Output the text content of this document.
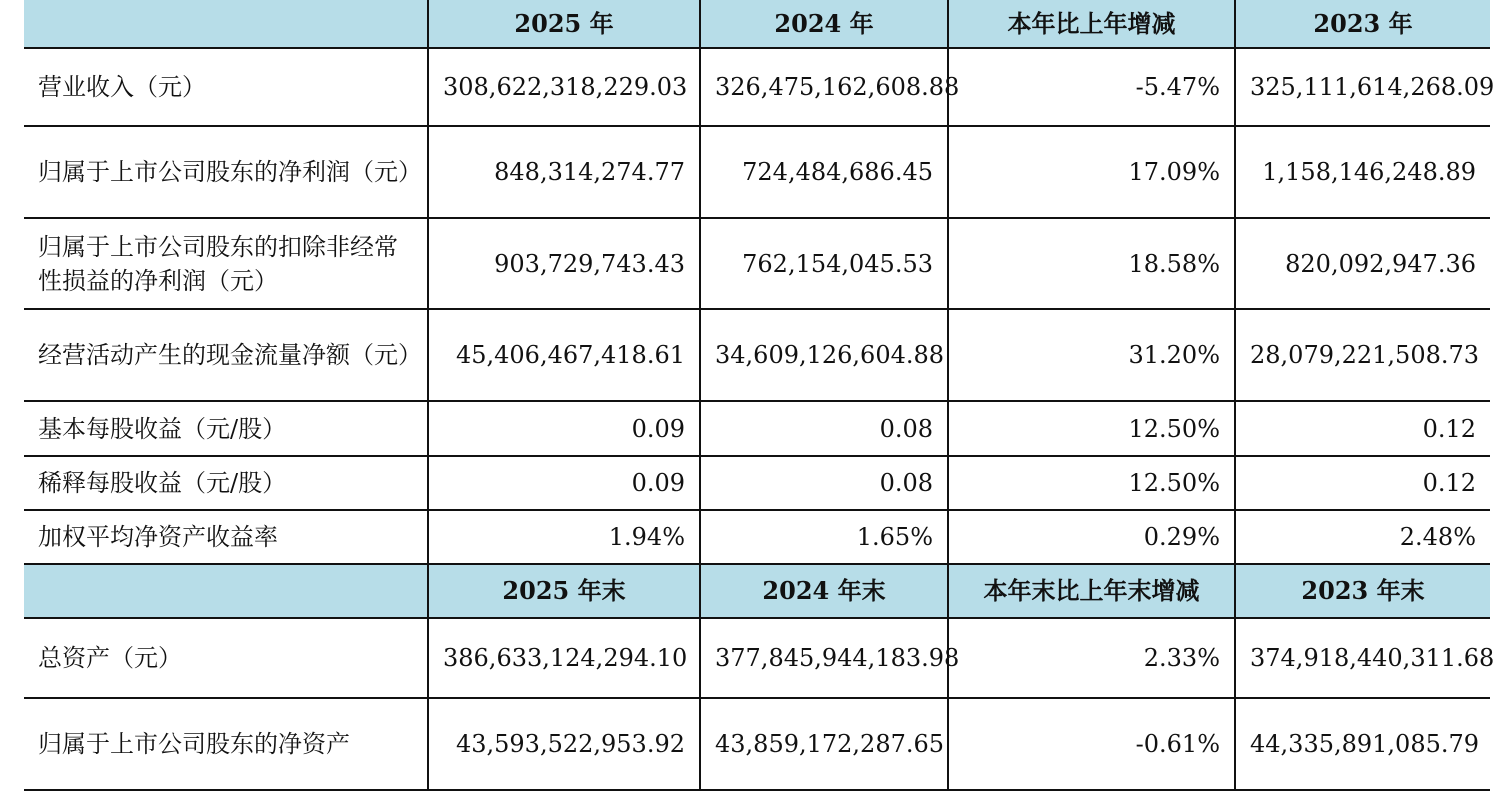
	2025 年	2024 年	本年比上年增减	2023 年
营业收入（元）	308,622,318,229.03	326,475,162,608.88	-5.47%	325,111,614,268.09
归属于上市公司股东的净利润（元）	848,314,274.77	724,484,686.45	17.09%	1,158,146,248.89
归属于上市公司股东的扣除非经常性损益的净利润（元）	903,729,743.43	762,154,045.53	18.58%	820,092,947.36
经营活动产生的现金流量净额（元）	45,406,467,418.61	34,609,126,604.88	31.20%	28,079,221,508.73
基本每股收益（元/股）	0.09	0.08	12.50%	0.12
稀释每股收益（元/股）	0.09	0.08	12.50%	0.12
加权平均净资产收益率	1.94%	1.65%	0.29%	2.48%
	2025 年末	2024 年末	本年末比上年末增减	2023 年末
总资产（元）	386,633,124,294.10	377,845,944,183.98	2.33%	374,918,440,311.68
归属于上市公司股东的净资产	43,593,522,953.92	43,859,172,287.65	-0.61%	44,335,891,085.79
